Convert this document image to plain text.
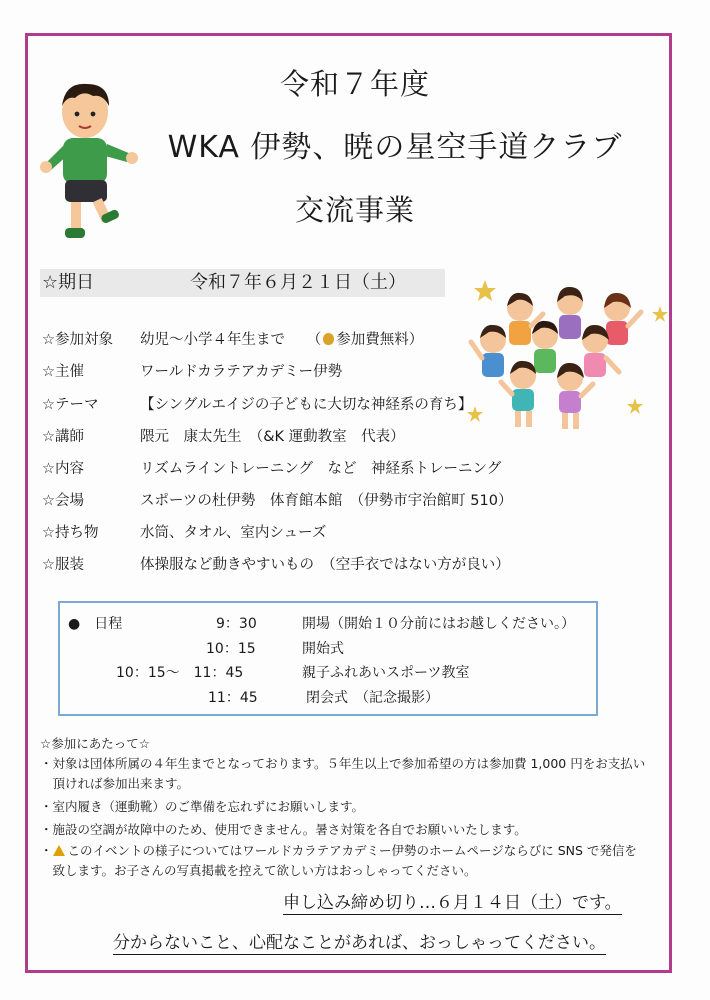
令和７年度
WKA 伊勢、暁の星空手道クラブ
交流事業
☆期日	令和７年６月２１日（土）
☆参加対象 幼児～小学４年生まで　　（ 参加費無料）
☆主催	ワールドカラテアカデミー伊勢
☆テーマ	【シングルエイジの子どもに大切な神経系の育ち】
☆講師	隈元　康太先生　（&K 運動教室　代表）
☆内容	リズムライントレーニング　など　神経系トレーニング
☆会場	スポーツの杜伊勢　体育館本館　（伊勢市宇治館町 510）
☆持ち物	水筒、タオル、室内シューズ
☆服装	体操服など動きやすいもの　（空手衣ではない方が良い）
●　日程	9：30	開場（開始１０分前にはお越しください。）
10：15	開始式
10：15～　11：45	親子ふれあいスポーツ教室
11：45	閉会式　（記念撮影）
☆参加にあたって☆
・対象は団体所属の４年生までとなっております。５年生以上で参加希望の方は参加費 1,000 円をお支払い
　頂ければ参加出来ます。
・室内履き（運動靴）のご準備を忘れずにお願いします。
・施設の空調が故障中のため、使用できません。暑さ対策を各自でお願いいたします。
・ このイベントの様子についてはワールドカラテアカデミー伊勢のホームページならびに SNS で発信を
　致します。お子さんの写真掲載を控えて欲しい方はおっしゃってください。
申し込み締め切り…６月１４日（土）です。
分からないこと、心配なことがあれば、おっしゃってください。
